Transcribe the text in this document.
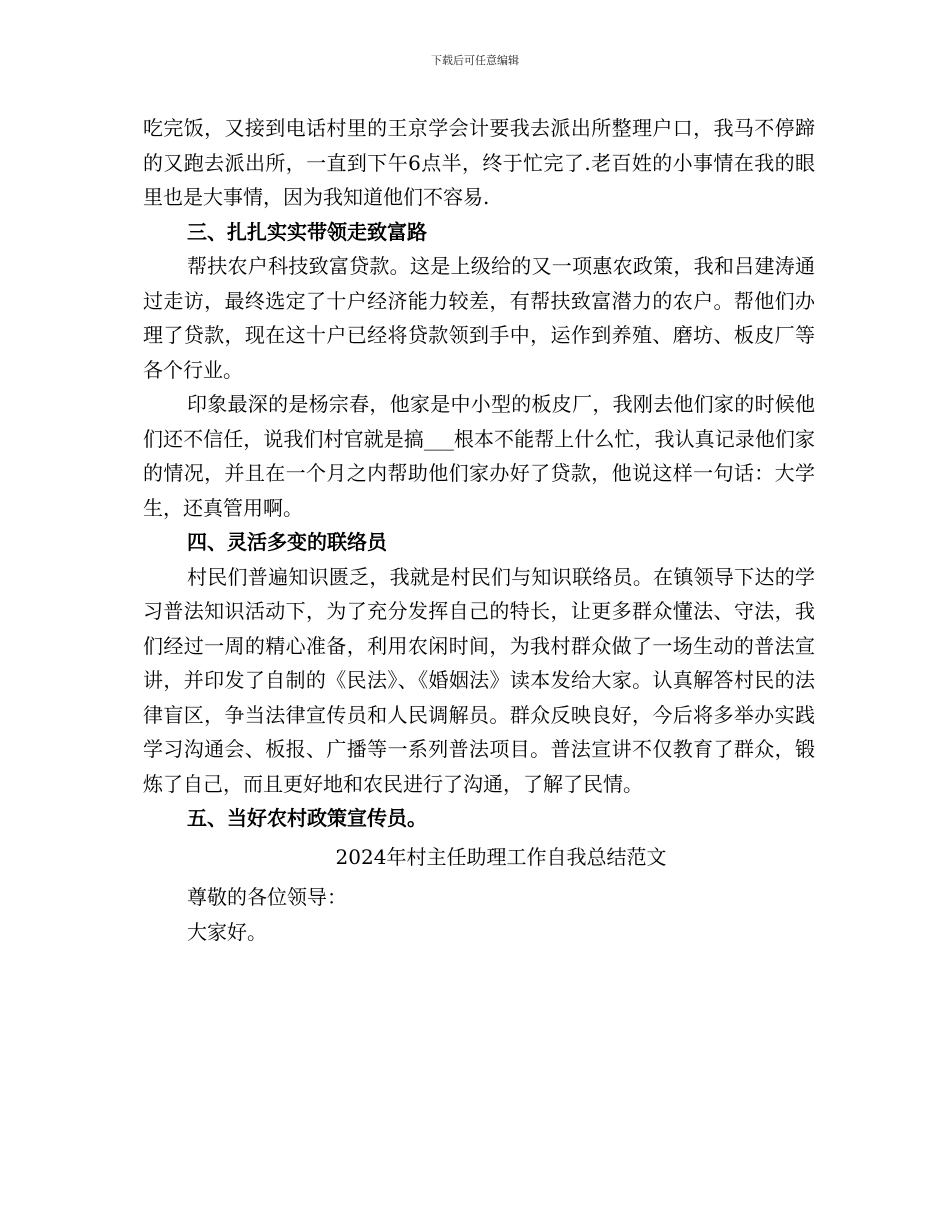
下载后可任意编辑

吃完饭，又接到电话村里的王京学会计要我去派出所整理户口，我马不停蹄的又跑去派出所，一直到下午6点半，终于忙完了.老百姓的小事情在我的眼里也是大事情，因为我知道他们不容易.

三、扎扎实实带领走致富路

帮扶农户科技致富贷款。这是上级给的又一项惠农政策，我和吕建涛通过走访，最终选定了十户经济能力较差，有帮扶致富潜力的农户。帮他们办理了贷款，现在这十户已经将贷款领到手中，运作到养殖、磨坊、板皮厂等各个行业。

印象最深的是杨宗春，他家是中小型的板皮厂，我刚去他们家的时候他们还不信任，说我们村官就是搞___根本不能帮上什么忙，我认真记录他们家的情况，并且在一个月之内帮助他们家办好了贷款，他说这样一句话：大学生，还真管用啊。

四、灵活多变的联络员

村民们普遍知识匮乏，我就是村民们与知识联络员。在镇领导下达的学习普法知识活动下，为了充分发挥自己的特长，让更多群众懂法、守法，我们经过一周的精心准备，利用农闲时间，为我村群众做了一场生动的普法宣讲，并印发了自制的《民法》、《婚姻法》读本发给大家。认真解答村民的法律盲区，争当法律宣传员和人民调解员。群众反映良好，今后将多举办实践学习沟通会、板报、广播等一系列普法项目。普法宣讲不仅教育了群众，锻炼了自己，而且更好地和农民进行了沟通，了解了民情。

五、当好农村政策宣传员。

2024年村主任助理工作自我总结范文

尊敬的各位领导：

大家好。
